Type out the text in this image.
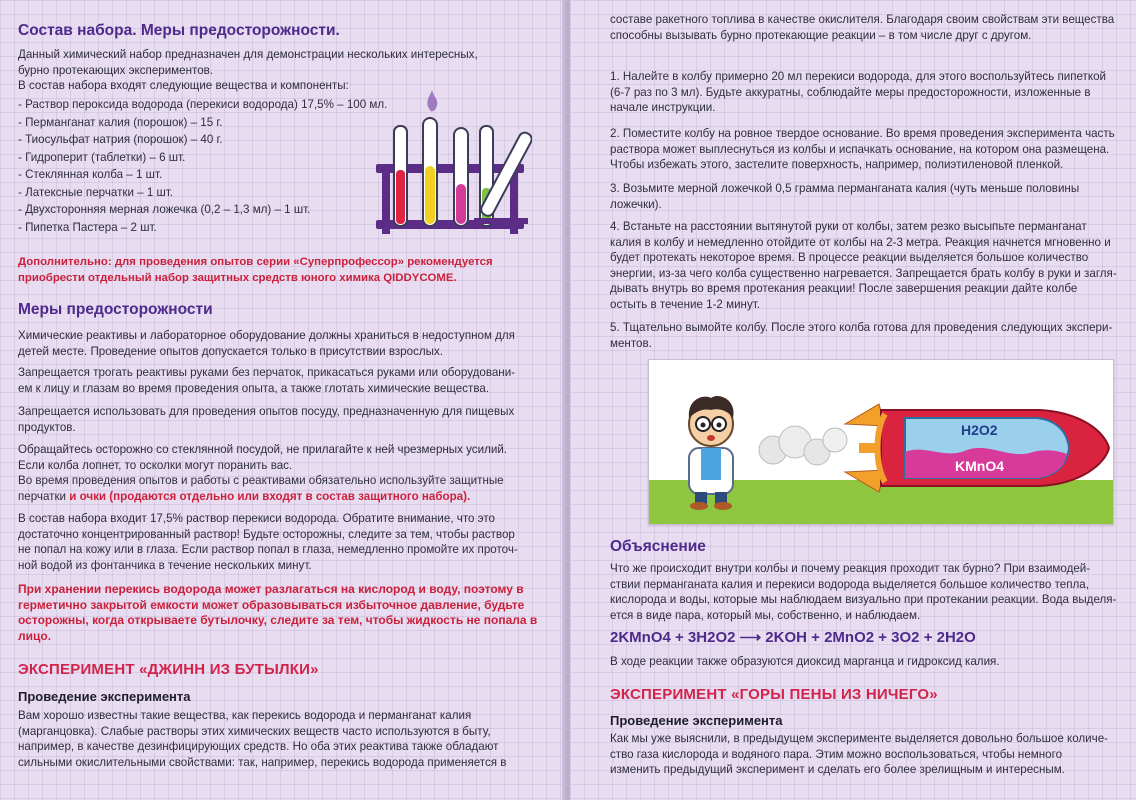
Состав набора. Меры предосторожности.
Данный химический набор предназначен для демонстрации нескольких интересных,
бурно протекающих экспериментов.
В состав набора входят следующие вещества и компоненты:
- Раствор пероксида водорода (перекиси водорода) 17,5% – 100 мл.
- Перманганат калия (порошок) – 15 г.
- Тиосульфат натрия (порошок) – 40 г.
- Гидроперит (таблетки) – 6 шт.
- Стеклянная колба – 1 шт.
- Латексные перчатки – 1 шт.
- Двухсторонняя мерная ложечка (0,2 – 1,3 мл) – 1 шт.
- Пипетка Пастера – 2 шт.
Дополнительно: для проведения опытов серии «Суперпрофессор» рекомендуется
приобрести отдельный набор защитных средств юного химика QIDDYCOME.
Меры предосторожности
Химические реактивы и лабораторное оборудование должны храниться в недоступном для
детей месте. Проведение опытов допускается только в присутствии взрослых.
Запрещается трогать реактивы руками без перчаток, прикасаться руками или оборудовани-
ем к лицу и глазам во время проведения опыта, а также глотать химические вещества.
Запрещается использовать для проведения опытов посуду, предназначенную для пищевых
продуктов.
Обращайтесь осторожно со стеклянной посудой, не прилагайте к ней чрезмерных усилий.
Если колба лопнет, то осколки могут поранить вас.
Во время проведения опытов и работы с реактивами обязательно используйте защитные
перчатки и очки (продаются отдельно или входят в состав защитного набора).
В состав набора входит 17,5% раствор перекиси водорода. Обратите внимание, что это
достаточно концентрированный раствор! Будьте осторожны, следите за тем, чтобы раствор
не попал на кожу или в глаза. Если раствор попал в глаза, немедленно промойте их проточ-
ной водой из фонтанчика в течение нескольких минут.
При хранении перекись водорода может разлагаться на кислород и воду, поэтому в
герметично закрытой емкости может образовываться избыточное давление, будьте
осторожны, когда открываете бутылочку, следите за тем, чтобы жидкость не попала в
лицо.
ЭКСПЕРИМЕНТ «ДЖИНН ИЗ БУТЫЛКИ»
Проведение эксперимента
Вам хорошо известны такие вещества, как перекись водорода и перманганат калия
(марганцовка). Слабые растворы этих химических веществ часто используются в быту,
например, в качестве дезинфицирующих средств. Но оба этих реактива также обладают
сильными окислительными свойствами: так, например, перекись водорода применяется в
составе ракетного топлива в качестве окислителя. Благодаря своим свойствам эти вещества
способны вызывать бурно протекающие реакции – в том числе друг с другом.
1. Налейте в колбу примерно 20 мл перекиси водорода, для этого воспользуйтесь пипеткой
(6-7 раз по 3 мл). Будьте аккуратны, соблюдайте меры предосторожности, изложенные в
начале инструкции.
2. Поместите колбу на ровное твердое основание. Во время проведения эксперимента часть
раствора может выплеснуться из колбы и испачкать основание, на котором она размещена.
Чтобы избежать этого, застелите поверхность, например, полиэтиленовой пленкой.
3. Возьмите мерной ложечкой 0,5 грамма перманганата калия (чуть меньше половины
ложечки).
4. Встаньте на расстоянии вытянутой руки от колбы, затем резко высыпьте перманганат
калия в колбу и немедленно отойдите от колбы на 2-3 метра. Реакция начнется мгновенно и
будет протекать некоторое время. В процессе реакции выделяется большое количество
энергии, из-за чего колба существенно нагревается. Запрещается брать колбу в руки и загля-
дывать внутрь во время протекания реакции! После завершения реакции дайте колбе
остыть в течение 1-2 минут.
5. Тщательно вымойте колбу. После этого колба готова для проведения следующих экспери-
ментов.
H2O2
KMnO4
Объяснение
Что же происходит внутри колбы и почему реакция проходит так бурно? При взаимодей-
ствии перманганата калия и перекиси водорода выделяется большое количество тепла,
кислорода и воды, которые мы наблюдаем визуально при протекании реакции. Вода выделя-
ется в виде пара, который мы, собственно, и наблюдаем.
2KMnO4 + 3H2O2 ⟶ 2KOH + 2MnO2 + 3O2 + 2H2O
В ходе реакции также образуются диоксид марганца и гидроксид калия.
ЭКСПЕРИМЕНТ «ГОРЫ ПЕНЫ ИЗ НИЧЕГО»
Проведение эксперимента
Как мы уже выяснили, в предыдущем эксперименте выделяется довольно большое количе-
ство газа кислорода и водяного пара. Этим можно воспользоваться, чтобы немного
изменить предыдущий эксперимент и сделать его более зрелищным и интересным.
